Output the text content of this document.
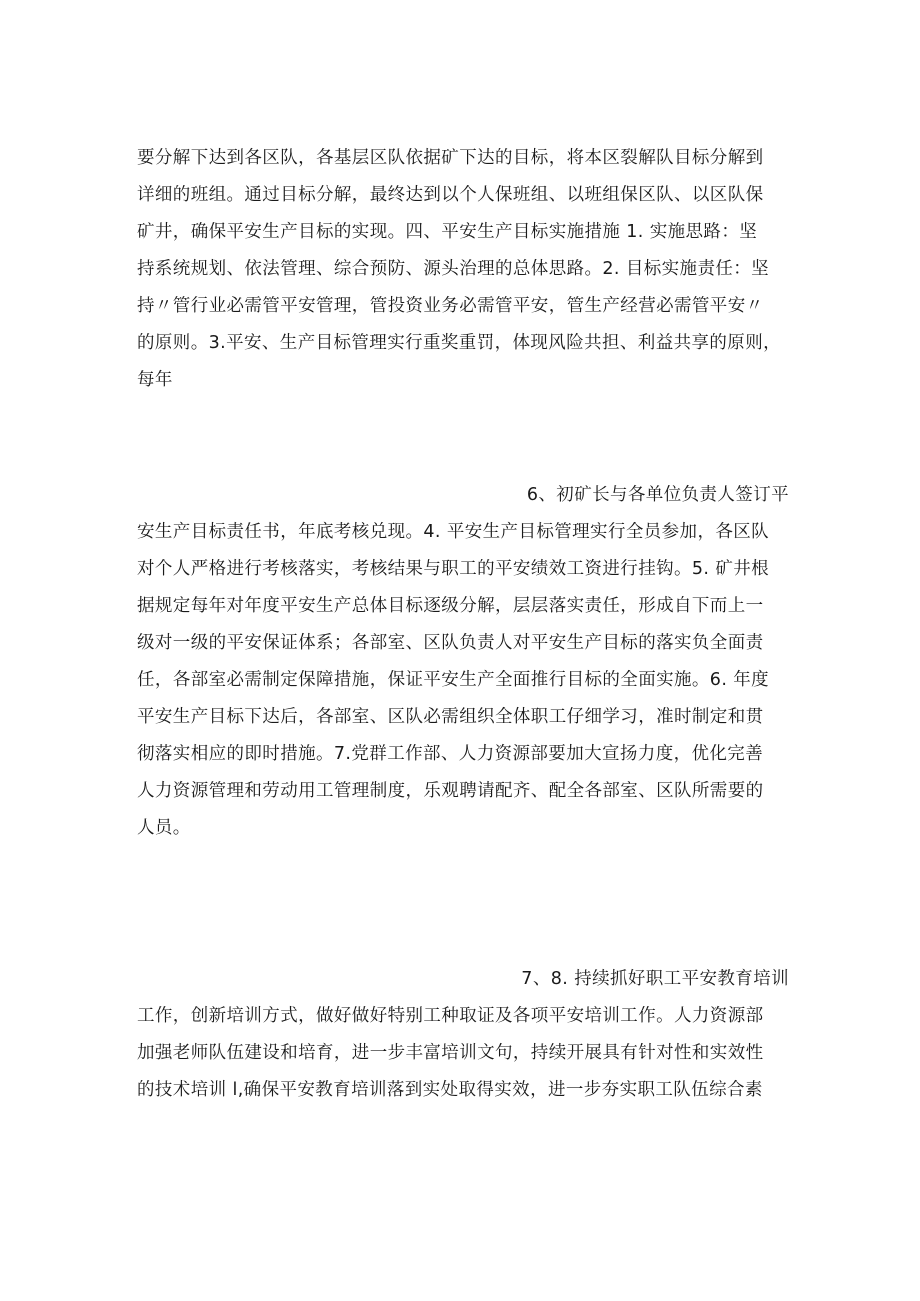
要分解下达到各区队，各基层区队依据矿下达的目标，将本区裂解队目标分解到
详细的班组。通过目标分解，最终达到以个人保班组、以班组保区队、以区队保
矿井，确保平安生产目标的实现。四、平安生产目标实施措施 1. 实施思路：坚
持系统规划、依法管理、综合预防、源头治理的总体思路。2. 目标实施责任：坚
持〃管行业必需管平安管理，管投资业务必需管平安，管生产经营必需管平安〃
的原则。3.平安、生产目标管理实行重奖重罚，体现风险共担、利益共享的原则，
每年
6、初矿长与各单位负责人签订平
安生产目标责任书，年底考核兑现。4. 平安生产目标管理实行全员参加，各区队
对个人严格进行考核落实，考核结果与职工的平安绩效工资进行挂钩。5. 矿井根
据规定每年对年度平安生产总体目标逐级分解，层层落实责任，形成自下而上一
级对一级的平安保证体系；各部室、区队负责人对平安生产目标的落实负全面责
任，各部室必需制定保障措施，保证平安生产全面推行目标的全面实施。6. 年度
平安生产目标下达后，各部室、区队必需组织全体职工仔细学习，准时制定和贯
彻落实相应的即时措施。7.党群工作部、人力资源部要加大宣扬力度，优化完善
人力资源管理和劳动用工管理制度，乐观聘请配齐、配全各部室、区队所需要的
人员。
7、8. 持续抓好职工平安教育培训
工作，创新培训方式，做好做好特别工种取证及各项平安培训工作。人力资源部
加强老师队伍建设和培育，进一步丰富培训文句，持续开展具有针对性和实效性
的技术培训 l,确保平安教育培训落到实处取得实效，进一步夯实职工队伍综合素
